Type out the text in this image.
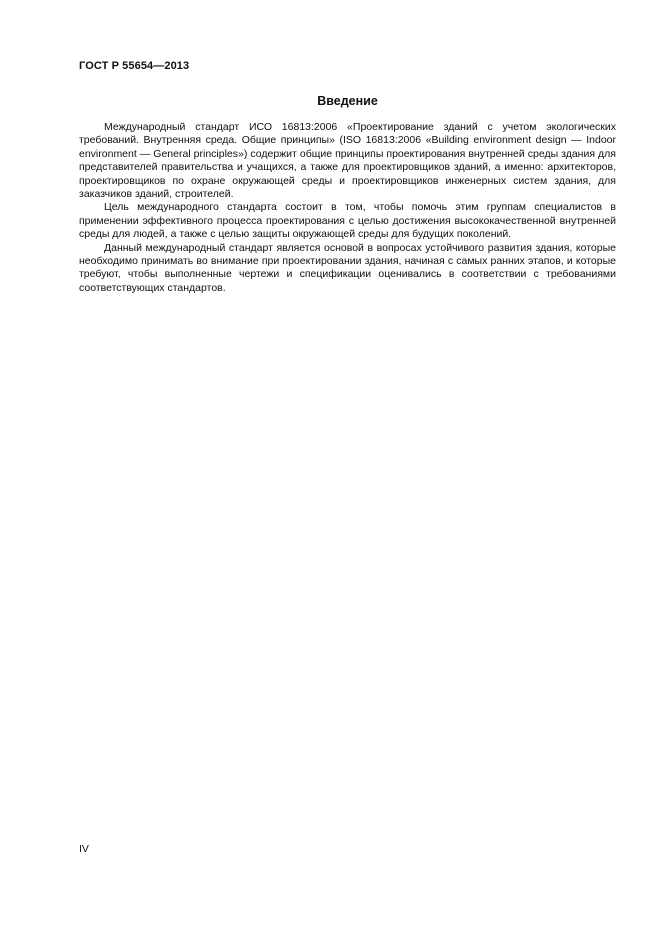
ГОСТ Р 55654—2013
Введение

Международный стандарт ИСО 16813:2006 «Проектирование зданий с учетом экологических требований. Внутренняя среда. Общие принципы» (ISO 16813:2006 «Building environment design — Indoor environment — General principles») содержит общие принципы проектирования внутренней среды здания для представителей правительства и учащихся, а также для проектировщиков зданий, а именно: архитекторов, проектировщиков по охране окружающей среды и проектировщиков инженерных систем здания, для заказчиков зданий, строителей.

Цель международного стандарта состоит в том, чтобы помочь этим группам специалистов в применении эффективного процесса проектирования с целью достижения высококачественной внутренней среды для людей, а также с целью защиты окружающей среды для будущих поколений.

Данный международный стандарт является основой в вопросах устойчивого развития здания, которые необходимо принимать во внимание при проектировании здания, начиная с самых ранних этапов, и которые требуют, чтобы выполненные чертежи и спецификации оценивались в соответствии с требованиями соответствующих стандартов.

IV
